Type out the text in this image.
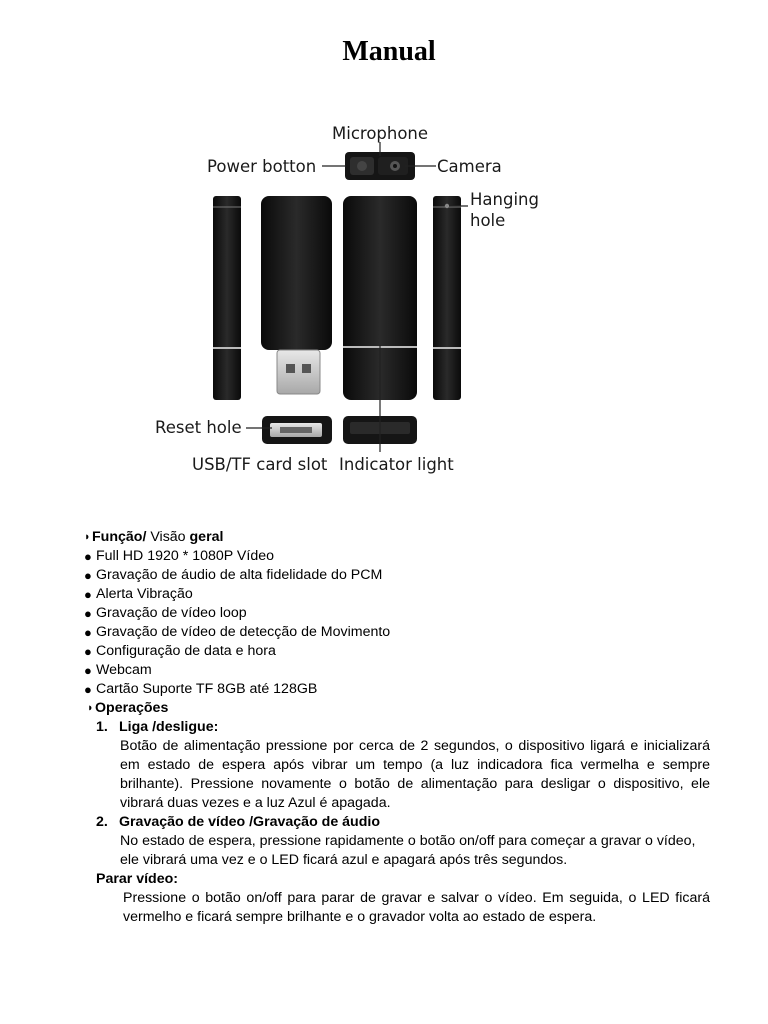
Manual
Microphone
Power botton	Camera
Hanging
hole
Reset hole
USB/TF card slot Indicator light
◗ Função/ Visão geral
● Full HD 1920 * 1080P Vídeo
● Gravação de áudio de alta fidelidade do PCM
● Alerta Vibração
● Gravação de vídeo loop
● Gravação de vídeo de detecção de Movimento
● Configuração de data e hora
● Webcam
● Cartão Suporte TF 8GB até 128GB
◗ Operações
1. Liga /desligue:
Botão de alimentação pressione por cerca de 2 segundos, o dispositivo ligará e inicializará em estado de espera após vibrar um tempo (a luz indicadora fica vermelha e sempre brilhante). Pressione novamente o botão de alimentação para desligar o dispositivo, ele vibrará duas vezes e a luz Azul é apagada.
2. Gravação de vídeo /Gravação de áudio
No estado de espera, pressione rapidamente o botão on/off para começar a gravar o vídeo, ele vibrará uma vez e o LED ficará azul e apagará após três segundos.
Parar vídeo:
Pressione o botão on/off para parar de gravar e salvar o vídeo. Em seguida, o LED ficará vermelho e ficará sempre brilhante e o gravador volta ao estado de espera.
